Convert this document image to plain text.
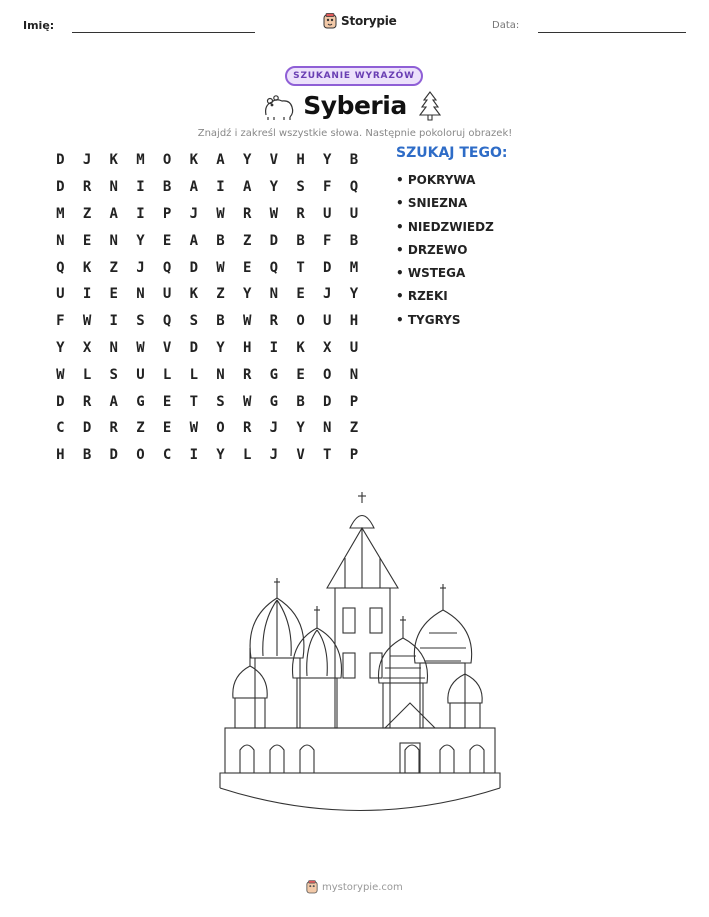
Imię:	Storypie	Data:
SZUKANIE WYRAZÓW
Syberia
Znajdź i zakreśl wszystkie słowa. Następnie pokoloruj obrazek!
D	J	K	M	O	K	A	Y	V	H	Y	B
D	R	N	I	B	A	I	A	Y	S	F	Q
M	Z	A	I	P	J	W	R	W	R	U	U
N	E	N	Y	E	A	B	Z	D	B	F	B
Q	K	Z	J	Q	D	W	E	Q	T	D	M
U	I	E	N	U	K	Z	Y	N	E	J	Y
F	W	I	S	Q	S	B	W	R	O	U	H
Y	X	N	W	V	D	Y	H	I	K	X	U
W	L	S	U	L	L	N	R	G	E	O	N
D	R	A	G	E	T	S	W	G	B	D	P
C	D	R	Z	E	W	O	R	J	Y	N	Z
H	B	D	O	C	I	Y	L	J	V	T	P
SZUKAJ TEGO:
• POKRYWA
• SNIEZNA
• NIEDZWIEDZ
• DRZEWO
• WSTEGA
• RZEKI
• TYGRYS
mystorypie.com
